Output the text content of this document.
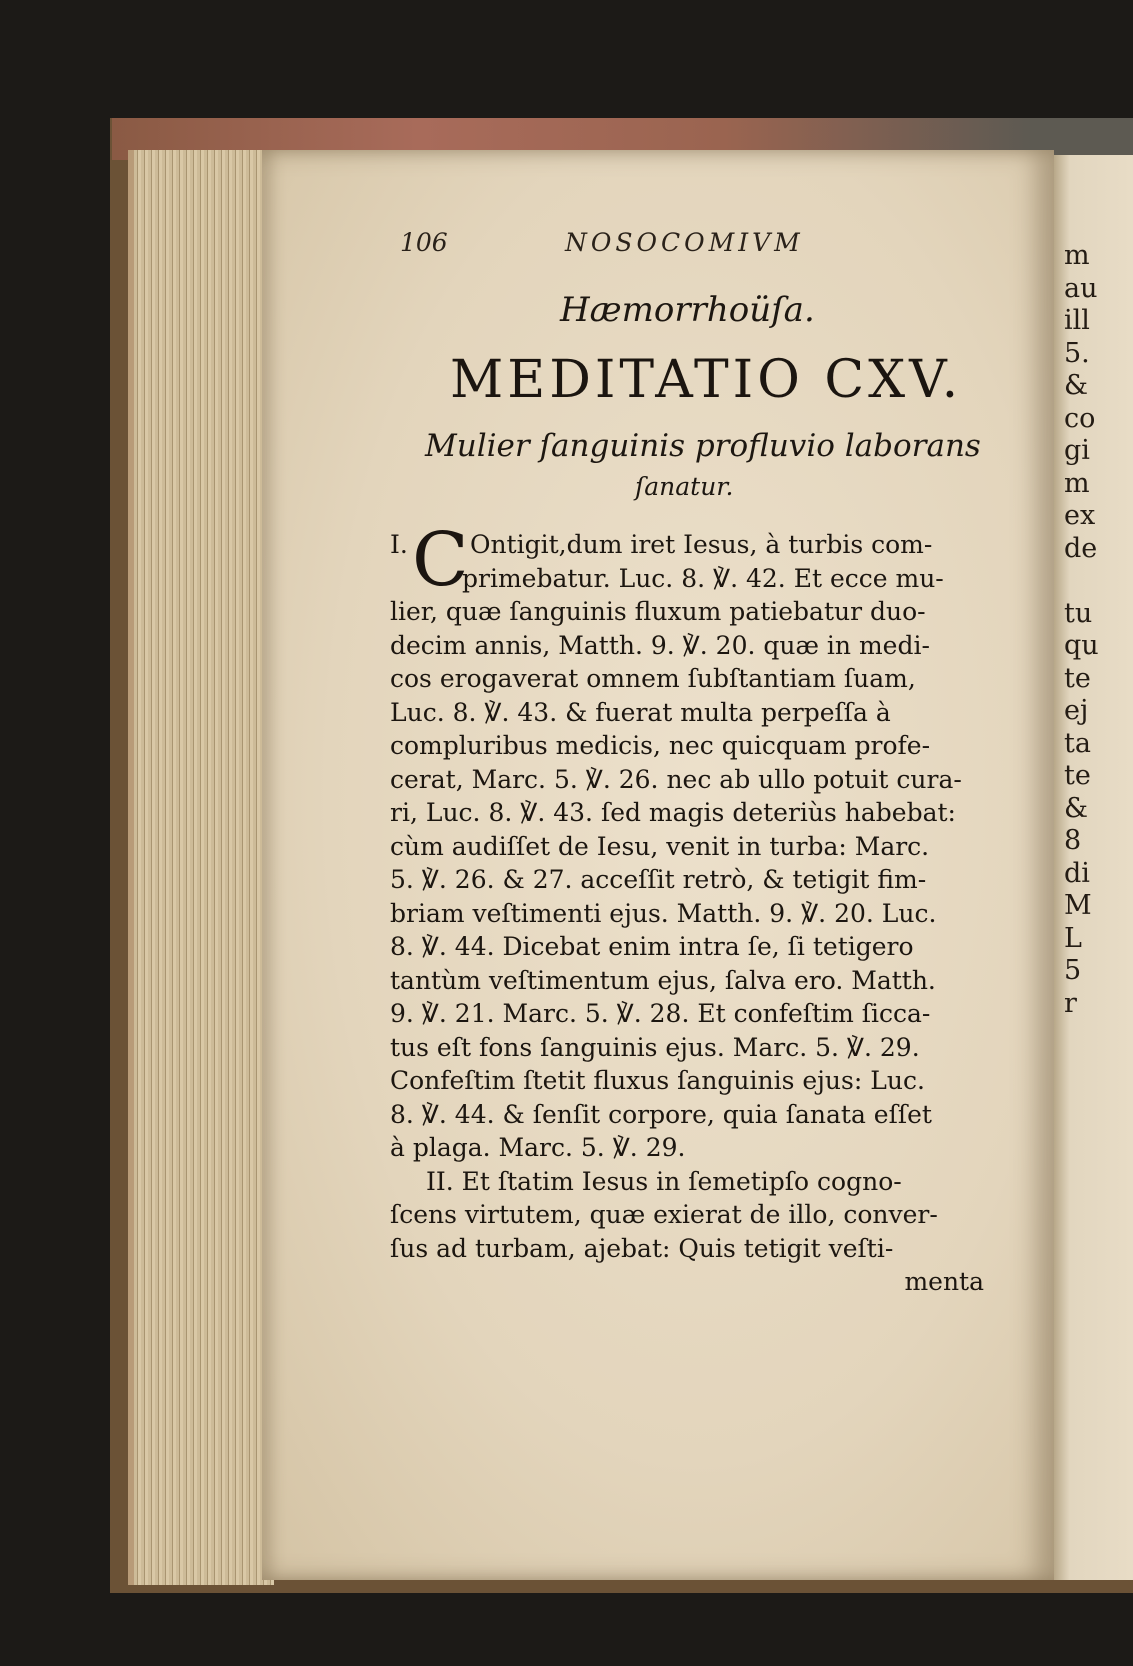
m
au
ill
5.
&
co
gi
m
ex
de
tu
qu
te
ej
ta
te
&
8
di
M
L
5
r
106	NOSOCOMIVM
Hæmorrhoüſa.
MEDITATIO CXV.
Mulier ſanguinis profluvio laborans
ſanatur.
I. C Ontigit,dum iret Iesus, à turbis com-
primebatur. Luc. 8. ℣. 42. Et ecce mu-
lier, quæ ſanguinis fluxum patiebatur duo-
decim annis, Matth. 9. ℣. 20. quæ in medi-
cos erogaverat omnem ſubſtantiam ſuam,
Luc. 8. ℣. 43. & fuerat multa perpeſſa à
compluribus medicis, nec quicquam profe-
cerat, Marc. 5. ℣. 26. nec ab ullo potuit cura-
ri, Luc. 8. ℣. 43. ſed magis deteriùs habebat:
cùm audiſſet de Iesu, venit in turba: Marc.
5. ℣. 26. & 27. acceſſit retrò, & tetigit fim-
briam veſtimenti ejus. Matth. 9. ℣. 20. Luc.
8. ℣. 44. Dicebat enim intra ſe, ſi tetigero
tantùm veſtimentum ejus, ſalva ero. Matth.
9. ℣. 21. Marc. 5. ℣. 28. Et confeſtim ſicca-
tus eſt fons ſanguinis ejus. Marc. 5. ℣. 29.
Confeſtim ſtetit fluxus ſanguinis ejus: Luc.
8. ℣. 44. & ſenſit corpore, quia ſanata eſſet
à plaga. Marc. 5. ℣. 29.
II. Et ſtatim Iesus in ſemetipſo cogno-
ſcens virtutem, quæ exierat de illo, conver-
ſus ad turbam, ajebat: Quis tetigit veſti-
menta
